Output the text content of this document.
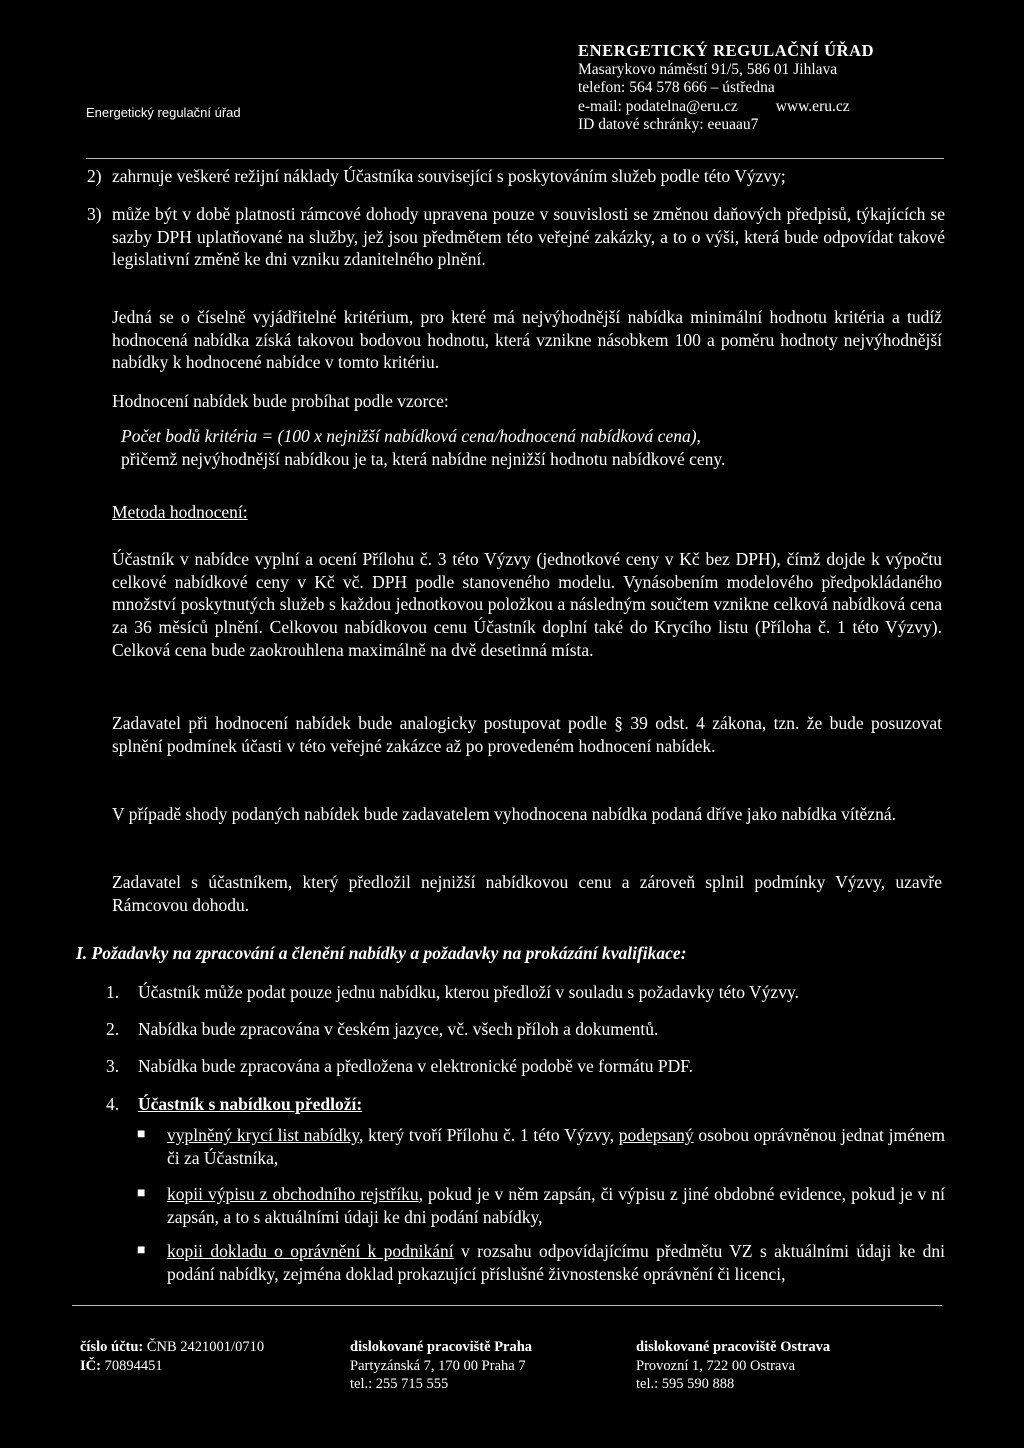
Energetický regulační úřad
ENERGETICKÝ REGULAČNÍ ÚŘAD
Masarykovo náměstí 91/5, 586 01 Jihlava
telefon: 564 578 666 – ústředna
e-mail: podatelna@eru.cz www.eru.cz
ID datové schránky: eeuaau7
2) zahrnuje veškeré režijní náklady Účastníka související s poskytováním služeb podle této Výzvy;
3) může být v době platnosti rámcové dohody upravena pouze v souvislosti se změnou daňových předpisů, týkajících se sazby DPH uplatňované na služby, jež jsou předmětem této veřejné zakázky, a to o výši, která bude odpovídat takové legislativní změně ke dni vzniku zdanitelného plnění.
Jedná se o číselně vyjádřitelné kritérium, pro které má nejvýhodnější nabídka minimální hodnotu kritéria a tudíž hodnocená nabídka získá takovou bodovou hodnotu, která vznikne násobkem 100 a poměru hodnoty nejvýhodnější nabídky k hodnocené nabídce v tomto kritériu.
Hodnocení nabídek bude probíhat podle vzorce:
Počet bodů kritéria = (100 x nejnižší nabídková cena/hodnocená nabídková cena),
přičemž nejvýhodnější nabídkou je ta, která nabídne nejnižší hodnotu nabídkové ceny.
Metoda hodnocení:
Účastník v nabídce vyplní a ocení Přílohu č. 3 této Výzvy (jednotkové ceny v Kč bez DPH), čímž dojde k výpočtu celkové nabídkové ceny v Kč vč. DPH podle stanoveného modelu. Vynásobením modelového předpokládaného množství poskytnutých služeb s každou jednotkovou položkou a následným součtem vznikne celková nabídková cena za 36 měsíců plnění. Celkovou nabídkovou cenu Účastník doplní také do Krycího listu (Příloha č. 1 této Výzvy). Celková cena bude zaokrouhlena maximálně na dvě desetinná místa.
Zadavatel při hodnocení nabídek bude analogicky postupovat podle § 39 odst. 4 zákona, tzn. že bude posuzovat splnění podmínek účasti v této veřejné zakázce až po provedeném hodnocení nabídek.
V případě shody podaných nabídek bude zadavatelem vyhodnocena nabídka podaná dříve jako nabídka vítězná.
Zadavatel s účastníkem, který předložil nejnižší nabídkovou cenu a zároveň splnil podmínky Výzvy, uzavře Rámcovou dohodu.
I. Požadavky na zpracování a členění nabídky a požadavky na prokázání kvalifikace:
1. Účastník může podat pouze jednu nabídku, kterou předloží v souladu s požadavky této Výzvy.
2. Nabídka bude zpracována v českém jazyce, vč. všech příloh a dokumentů.
3. Nabídka bude zpracována a předložena v elektronické podobě ve formátu PDF.
4. Účastník s nabídkou předloží:
■ vyplněný krycí list nabídky, který tvoří Přílohu č. 1 této Výzvy, podepsaný osobou oprávněnou jednat jménem či za Účastníka,
■ kopii výpisu z obchodního rejstříku, pokud je v něm zapsán, či výpisu z jiné obdobné evidence, pokud je v ní zapsán, a to s aktuálními údaji ke dni podání nabídky,
■ kopii dokladu o oprávnění k podnikání v rozsahu odpovídajícímu předmětu VZ s aktuálními údaji ke dni podání nabídky, zejména doklad prokazující příslušné živnostenské oprávnění či licenci,
číslo účtu: ČNB 2421001/0710
IČ: 70894451
dislokované pracoviště Praha
Partyzánská 7, 170 00 Praha 7
tel.: 255 715 555
dislokované pracoviště Ostrava
Provozní 1, 722 00 Ostrava
tel.: 595 590 888
